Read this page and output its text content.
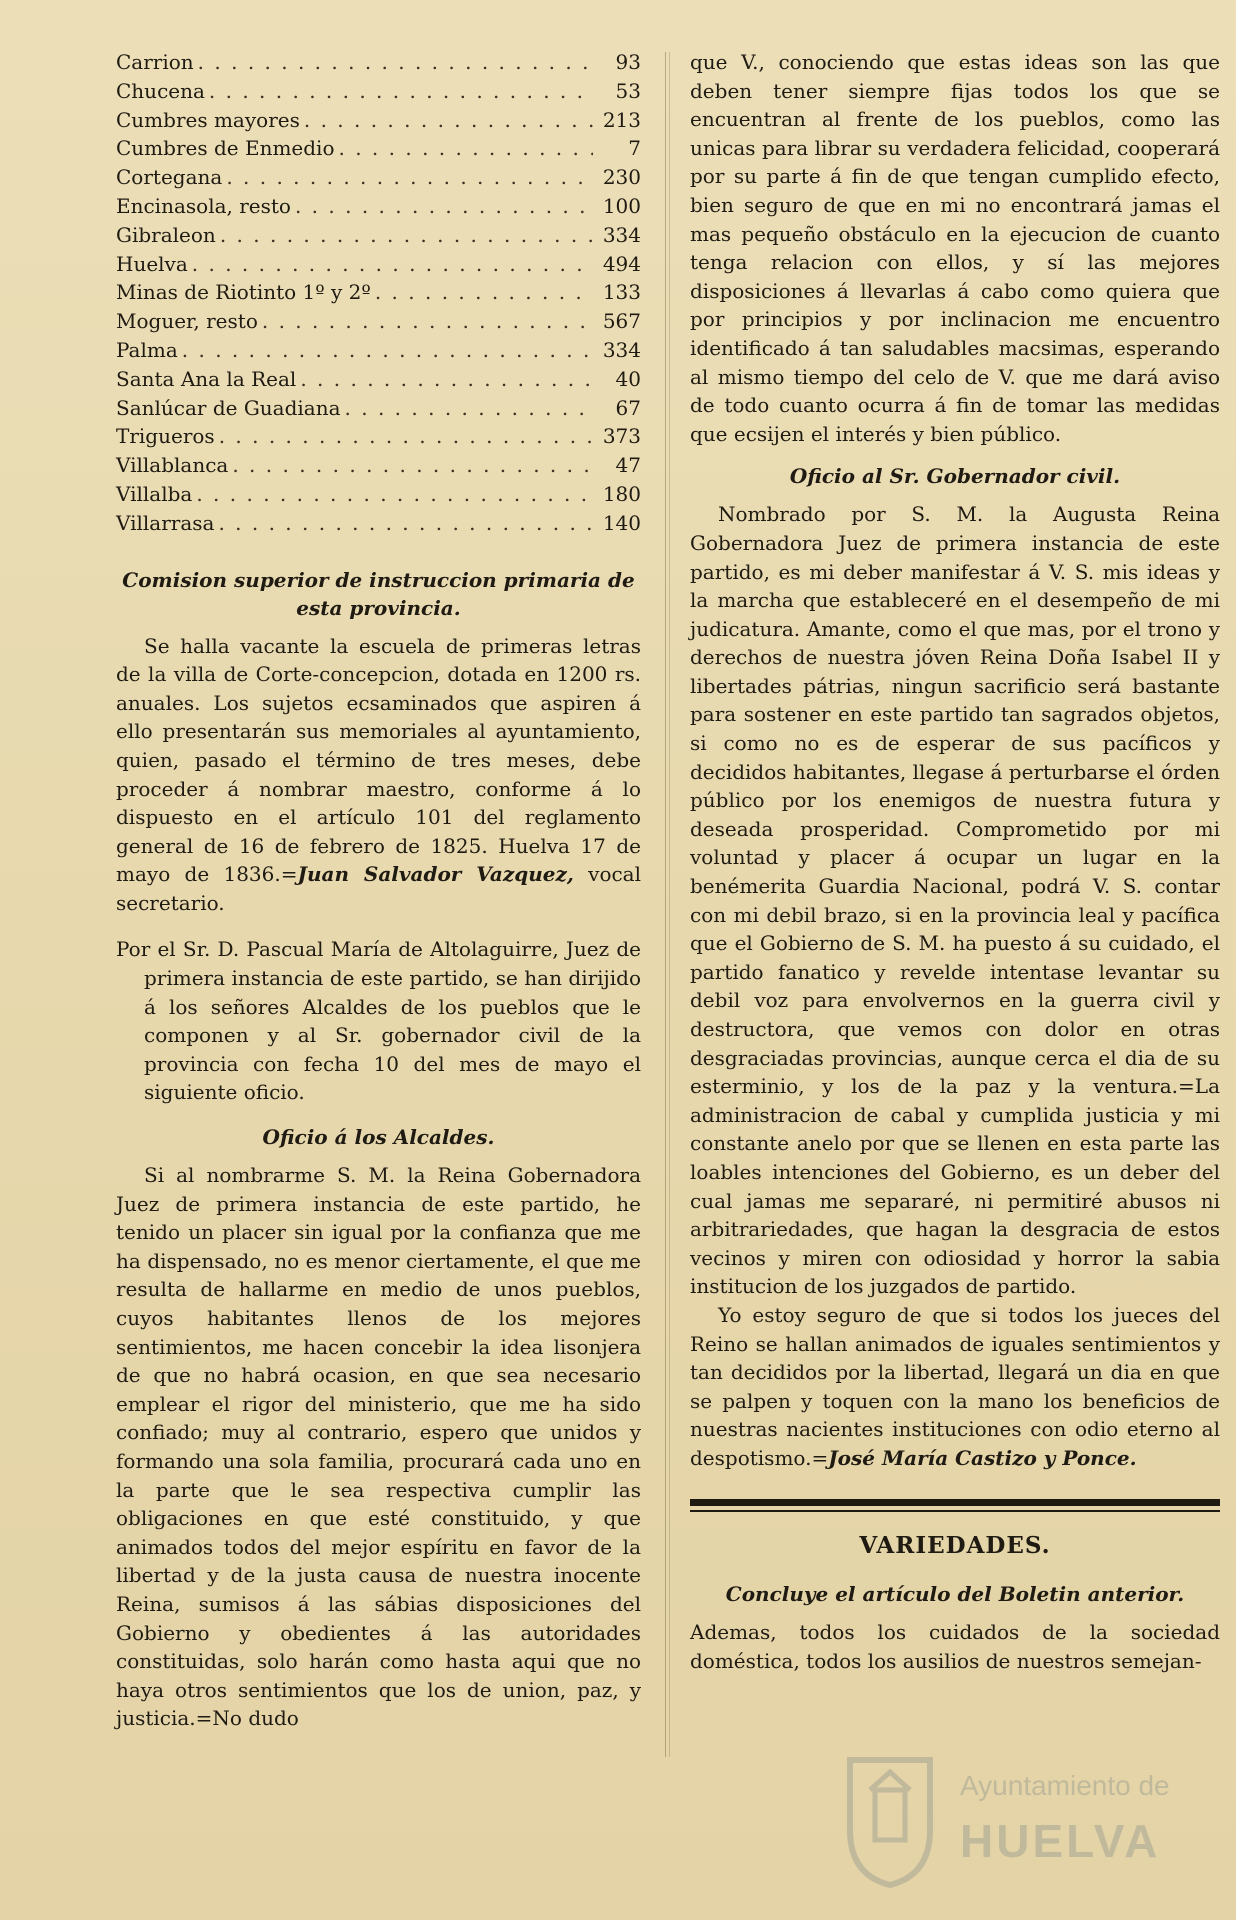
Carrion . . .	93
Chucena . . .	53
Cumbres mayores . . .	213
Cumbres de Enmedio . . .	7
Cortegana . . .	230
Encinasola, resto . . .	100
Gibraleon . . .	334
Huelva . . .	494
Minas de Riotinto 1º y 2º . . .	133
Moguer, resto . . .	567
Palma . . .	334
Santa Ana la Real . . .	40
Sanlúcar de Guadiana . . .	67
Trigueros . . .	373
Villablanca . . .	47
Villalba . . .	180
Villarrasa . . .	140
Comision superior de instruccion primaria de esta provincia.

Se halla vacante la escuela de primeras letras de la villa de Corte-concepcion, dotada en 1200 rs. anuales. Los sujetos ecsaminados que aspiren á ello presentarán sus memoriales al ayuntamiento, quien, pasado el término de tres meses, debe proceder á nombrar maestro, conforme á lo dispuesto en el artículo 101 del reglamento general de 16 de febrero de 1825. Huelva 17 de mayo de 1836.=Juan Salvador Vazquez, vocal secretario.

Por el Sr. D. Pascual María de Altolaguirre, Juez de primera instancia de este partido, se han dirijido á los señores Alcaldes de los pueblos que le componen y al Sr. gobernador civil de la provincia con fecha 10 del mes de mayo el siguiente oficio.

Oficio á los Alcaldes.

Si al nombrarme S. M. la Reina Gobernadora Juez de primera instancia de este partido, he tenido un placer sin igual por la confianza que me ha dispensado, no es menor ciertamente, el que me resulta de hallarme en medio de unos pueblos, cuyos habitantes llenos de los mejores sentimientos, me hacen concebir la idea lisonjera de que no habrá ocasion, en que sea necesario emplear el rigor del ministerio, que me ha sido confiado; muy al contrario, espero que unidos y formando una sola familia, procurará cada uno en la parte que le sea respectiva cumplir las obligaciones en que esté constituido, y que animados todos del mejor espíritu en favor de la libertad y de la justa causa de nuestra inocente Reina, sumisos á las sábias disposiciones del Gobierno y obedientes á las autoridades constituidas, solo harán como hasta aqui que no haya otros sentimientos que los de union, paz, y justicia.=No dudo

que V., conociendo que estas ideas son las que deben tener siempre fijas todos los que se encuentran al frente de los pueblos, como las unicas para librar su verdadera felicidad, cooperará por su parte á fin de que tengan cumplido efecto, bien seguro de que en mi no encontrará jamas el mas pequeño obstáculo en la ejecucion de cuanto tenga relacion con ellos, y sí las mejores disposiciones á llevarlas á cabo como quiera que por principios y por inclinacion me encuentro identificado á tan saludables macsimas, esperando al mismo tiempo del celo de V. que me dará aviso de todo cuanto ocurra á fin de tomar las medidas que ecsijen el interés y bien público.

Oficio al Sr. Gobernador civil.

Nombrado por S. M. la Augusta Reina Gobernadora Juez de primera instancia de este partido, es mi deber manifestar á V. S. mis ideas y la marcha que estableceré en el desempeño de mi judicatura. Amante, como el que mas, por el trono y derechos de nuestra jóven Reina Doña Isabel II y libertades pátrias, ningun sacrificio será bastante para sostener en este partido tan sagrados objetos, si como no es de esperar de sus pacíficos y decididos habitantes, llegase á perturbarse el órden público por los enemigos de nuestra futura y deseada prosperidad. Comprometido por mi voluntad y placer á ocupar un lugar en la benémerita Guardia Nacional, podrá V. S. contar con mi debil brazo, si en la provincia leal y pacífica que el Gobierno de S. M. ha puesto á su cuidado, el partido fanatico y revelde intentase levantar su debil voz para envolvernos en la guerra civil y destructora, que vemos con dolor en otras desgraciadas provincias, aunque cerca el dia de su esterminio, y los de la paz y la ventura.=La administracion de cabal y cumplida justicia y mi constante anelo por que se llenen en esta parte las loables intenciones del Gobierno, es un deber del cual jamas me separaré, ni permitiré abusos ni arbitrariedades, que hagan la desgracia de estos vecinos y miren con odiosidad y horror la sabia institucion de los juzgados de partido.

Yo estoy seguro de que si todos los jueces del Reino se hallan animados de iguales sentimientos y tan decididos por la libertad, llegará un dia en que se palpen y toquen con la mano los beneficios de nuestras nacientes instituciones con odio eterno al despotismo.=José María Castizo y Ponce.

VARIEDADES.
Concluye el artículo del Boletin anterior.

Ademas, todos los cuidados de la sociedad doméstica, todos los ausilios de nuestros semejan-

Ayuntamiento de
HUELVA
